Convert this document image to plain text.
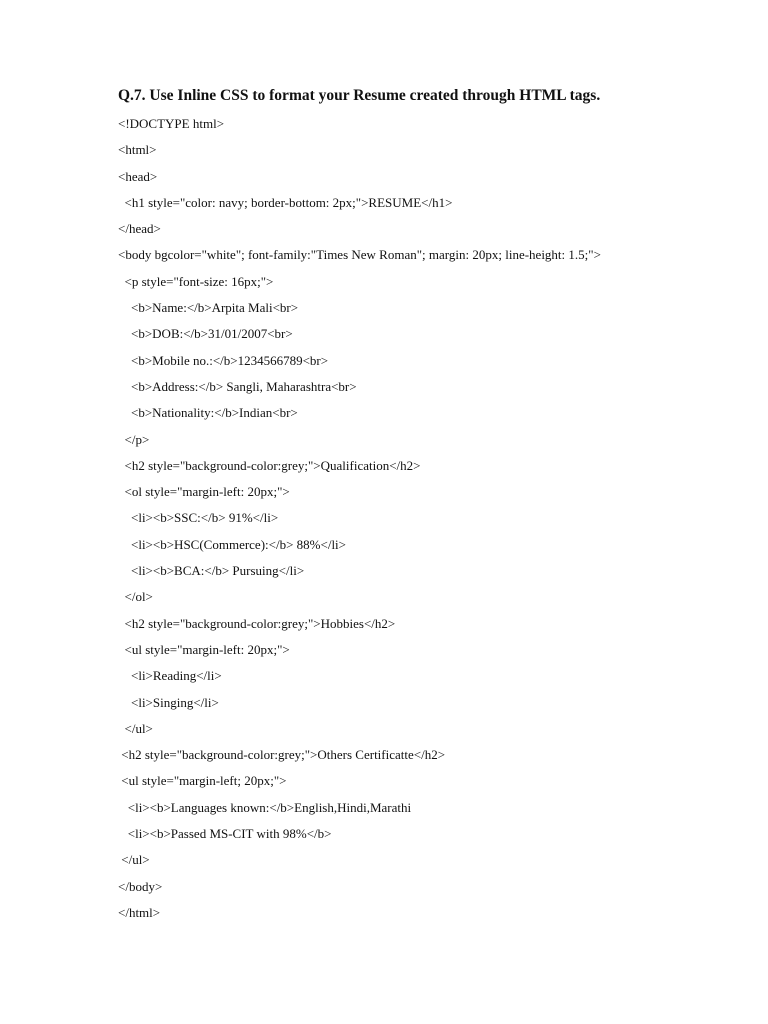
Q.7. Use Inline CSS to format your Resume created through HTML tags.
<!DOCTYPE html>
<html>
<head>
<h1 style="color: navy; border-bottom: 2px;">RESUME</h1>
</head>
<body bgcolor="white"; font-family:"Times New Roman"; margin: 20px; line-height: 1.5;">
<p style="font-size: 16px;">
<b>Name:</b>Arpita Mali<br>
<b>DOB:</b>31/01/2007<br>
<b>Mobile no.:</b>1234566789<br>
<b>Address:</b> Sangli, Maharashtra<br>
<b>Nationality:</b>Indian<br>
</p>
<h2 style="background-color:grey;">Qualification</h2>
<ol style="margin-left: 20px;">
<li><b>SSC:</b> 91%</li>
<li><b>HSC(Commerce):</b> 88%</li>
<li><b>BCA:</b> Pursuing</li>
</ol>
<h2 style="background-color:grey;">Hobbies</h2>
<ul style="margin-left: 20px;">
<li>Reading</li>
<li>Singing</li>
</ul>
<h2 style="background-color:grey;">Others Certificatte</h2>
<ul style="margin-left; 20px;">
<li><b>Languages known:</b>English,Hindi,Marathi
<li><b>Passed MS-CIT with 98%</b>
</ul>
</body>
</html>
